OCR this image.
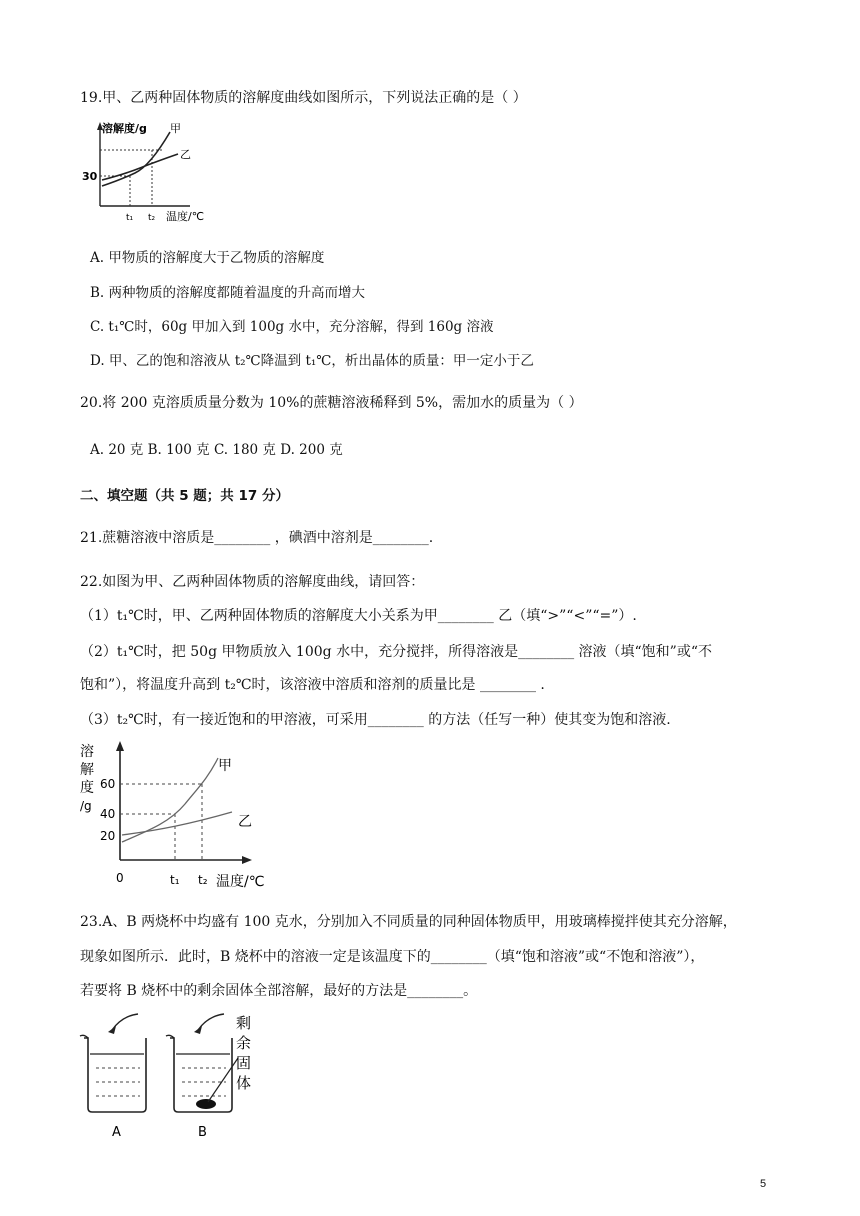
19.甲、乙两种固体物质的溶解度曲线如图所示，下列说法正确的是（ ）
溶解度/g 甲
乙
30
t₁ t₂ 温度/℃
A. 甲物质的溶解度大于乙物质的溶解度
B. 两种物质的溶解度都随着温度的升高而增大
C. t₁℃时，60g 甲加入到 100g 水中，充分溶解，得到 160g 溶液
D. 甲、乙的饱和溶液从 t₂℃降温到 t₁℃，析出晶体的质量：甲一定小于乙
20.将 200 克溶质质量分数为 10%的蔗糖溶液稀释到 5%，需加水的质量为（ ）
A. 20 克 B. 100 克 C. 180 克 D. 200 克
二、填空题（共 5 题；共 17 分）
21.蔗糖溶液中溶质是________ ，碘酒中溶剂是________.
22.如图为甲、乙两种固体物质的溶解度曲线，请回答：
（1）t₁℃时，甲、乙两种固体物质的溶解度大小关系为甲________ 乙（填“>”“<”“=”）.
（2）t₁℃时，把 50g 甲物质放入 100g 水中，充分搅拌，所得溶液是________ 溶液（填“饱和”或“不
饱和”），将温度升高到 t₂℃时，该溶液中溶质和溶剂的质量比是 ________ .
（3）t₂℃时，有一接近饱和的甲溶液，可采用________ 的方法（任写一种）使其变为饱和溶液.
溶
解
度
/g
60
40
20
0	t₁ t₂ 温度/℃
甲
乙
23.A、B 两烧杯中均盛有 100 克水，分别加入不同质量的同种固体物质甲，用玻璃棒搅拌使其充分溶解，
现象如图所示．此时，B 烧杯中的溶液一定是该温度下的________（填“饱和溶液”或“不饱和溶液”），
若要将 B 烧杯中的剩余固体全部溶解，最好的方法是________。
剩
余
固
体
A	B
5
